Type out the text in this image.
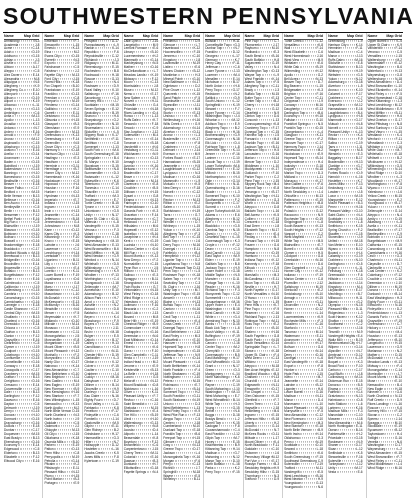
SOUTHWESTERN PENNSYLVANIA
Name	Map Grid
Armstrong	N-3
Academia	J-8
Acme	C-14
Adah	D-19
Addison	G-15
Adrian	J-3
Airville	E-7
Albion	A-17
Aleppo	C-5
Alex Dover	E-14
Alexandria	M-8
Aliquippa	N-5
Allegheny	K-9
Allegheny Co.	E-10
Allenport	E-14
Allison	D-19
Allport	K-19
Altoona	L-11
Amity	G-13
Ambridge	C-6
Anita	M-13
Apollo	L-13
Arcadia	K-13
Ardara	N-7
Arden	E-16
Arnold	F-9
Arona	M-12
Aspinwall	C-15
Atlasburg	G-13
Avalon	E-16
Avella	D-14
Avonmore	J-4
Baden	D-15
Bairdford	J-19
Bakerstown	G-15
Banning	H-10
Barnesboro	D-15
Beallsville	G-16
Beaver	E-18
Beaver Falls	C-17
Bedford	M-15
Belle Vernon	B-13
Bellevue	D-16
Ben Avon	E-14
Bentleyville	C-5
Berlin	B-13
Bessemer	F-12
Bethel Park	E-16
Big Run	C-5
Blairsville	J-19
Blawnox	G-15
Bobtown	H-10
Bolivar	D-15
Boswell	G-16
Brackenridge	E-18
Braddock	C-17
Bradford Woods M-15
Brentwood	B-13
Bridgeville	D-16
Brookville	E-14
Brownsville	C-5
Buffalo	B-13
Burgettstown	F-12
Butler	E-16
Cairnbrook	C-5
California	J-19
Callensburg	G-15
Cambria	H-10
Canonsburg	D-15
Carmichaels	G-16
Carnegie	E-18
Castle Shannon C-17
Central City	M-15
Chalfant	B-13
Charleroi	D-16
Cheswick	E-14
Chicora	C-5
Clairton	B-13
Clarion	F-12
Claysville	E-16
Clearfield	C-5
Clymer	J-19
Coalport	G-15
Cokeburg	H-10
Confluence	D-15
Connellsville	G-16
Conway	E-18
Coraopolis	C-17
Cranberry	M-15
Crafton	B-13
Creighton	D-16
Cresson	E-14
Curwensville	C-5
Dale	B-13
Darlington	F-12
Dawson	E-16
Dayton	C-5
Delmont	J-19
Derry	G-15
Donora	H-10
Dormont	D-15
Dravosburg	G-16
DuBois	E-18
Dunbar	C-17
Duquesne	M-15
East Brady	B-13
Ebensburg	D-16
Economy	E-14
Edgewood	C-5
Elderton	B-13
Elizabeth	F-12
Ellwood City	E-16
Name	Map Grid
Emlenton	F-7
Emsworth	L-15
Ernest	K-13
Etna	M-2
Evans City	D-15
Everett	N-3
Export	J-9
Fairchance	C-5
Fairview	J-2
Fayette City	M-13
Ford City	J-15
Forest Hills	K-18
Fox Chapel	B-10
Frankstown	E-19
Franklin	D-13
Freedom	C-8
Freeport	M-19
Friedens	G-14
Gallitzin	K-2
Garrett	E-11
Geistown	N-12
Gibsonia	H-15
Glassport	B-3
Glenshaw	E-9
Grapeville	M-13
Greensboro	K-13
Greensburg	F-14
Greenville	N-5
Grove City	C-3
Harmony	D-18
Harrison City	J-12
Hastings	E-3
Hawthorn	L-6
Herminie	G-11
Hermitage	B-7
Homer City	M-12
Homestead	K-16
Hookstown	C-9
Hopwood	H-4
Houston	F-16
Hunker	D-2
Hyndman	N-13
Imperial	E-7
Indiana	J-15
Ingram	L-5
Irwin	H-13
Jeannette	C-14
Jefferson	B-18
Jennerstown	G-4
Johnstown	M-8
Kane	D-12
Karns City	K-3
Kittanning	F-10
Knox	E-15
Latrobe	J-6
Lawrence	C-2
Leechburg	H-14
Leetsdale	N-9
Ligonier	B-11
Lilly	M-17
Lincoln	E-4
Loretto	K-11
Lower Burrell	F-19
Loyalhanna	D-6
Manor	G-8
Mars	J-17
Marianna	C-12
Masontown	L-10
McDonald	H-3
McKeesport	E-13
McMurray	B-16
Meadville	N-6
Mercer	F-5
Meyersdale	K-7
Midland	D-10
Millvale	M-14
Monaca	G-18
Monessen	C-11
Monongahela	J-5
Monroeville	E-8
Morgantown	L-19
Mount Oliver	B-5
Mount Pleasant H-12
Munhall	F-2
Murrysville	N-15
Nanty Glo	D-17
Natrona	K-14
New Alexandria C-7
New Bethlehem G-10
New Brighton	J-11
New Castle	M-4
New Eagle	E-19
New Florence	B-9
New Kensington H-16
New Stanton	F-7
New Wilmington L-15
Nemacolin	K-13
North Apollo	M-2
North Belle Vernon D-15
North Charleroi	N-3
North Irwin	J-9
Oakdale	C-5
Oakmont	J-2
Ohiopyle	M-13
Oil City	J-15
Oklahoma	K-18
Osceola Mills	B-10
Parker	E-19
Patton	D-13
Penn Hills	C-8
Perryopolis	M-19
Petrolia	G-14
Pitcairn	K-2
Pittsburgh	E-11
Pleasant Hills	N-12
Plum	H-15
Point Marion	B-3
Portage	E-9
Name	Map Grid
Prospect	D-17
Punxsutawney	L-9
Rankin	K-14
Republic	F-6
Reynoldsville	C-12
Richland	J-3
Ridgway	M-11
Rimersburg	E-15
Rochester	B-8
Rockwood	H-18
Roscoe	G-13
Ross	N-4
Rostraver	D-9
Rural Valley	K-10
Saltsburg	F-16
Saxonburg	C-3
Scenery Hill	J-7
Scottdale	M-15
Seven Springs E-12
Sewickley	B-19
Sharon	H-6
Sharpsburg	G-2
Shippenville	N-10
Shoemaker	D-14
Slickville	L-5
Slippery Rock	K-17
Smithfield	F-11
Smithton	C-8
Somerset	J-13
South Fork	M-6
South Greensburg E-18
Springdale	B-4
St. Marys	H-10
Stoystown	G-15
Strattanville	N-8
Summerville	D-3
Swissvale	L-12
Sykesville	K-6
Tarentum	F-19
Tionesta	C-14
Titusville	J-10
Trafford	M-3
Troutman	E-7
Turtle Creek	B-15
Tyrone	H-12
Uniontown	G-5
Unity	N-17
Upper St. Clair D-11
Valencia	L-8
Vandergrift	K-15
Verona	F-3
Volant	C-18
Washington	J-6
Waynesburg	M-10
West Alexander E-13
West Brownsville B-6
West Mifflin	H-16
West Newton	G-9
Wexford	N-14
Whitehall	D-5
Wilkinsburg	L-17
Wilmerding	K-9
Windber	F-13
Worthington	C-4
Youngwood	J-18
Zelienople	M-7
Acmetonia	E-10
Adamsburg	B-12
Allison Park	H-7
Arnot	G-17
Ashville	N-2
Atwood	D-8
Baldwin	L-14
Beyer	K-4
Blossburg	F-9
Boyers	C-16
Brady	J-11
Bruin	M-18
Bulger	E-5
Cabot	B-17
Callery	H-13
Carrolltown	G-6
Cecil	N-11
Chester Hill	D-19
Clarksville	L-3
Clinton	K-12
Colver	F-15
Coulter	C-10
Crabtree	J-4
Cuddy	M-16
Daisytown	E-2
Dilliner	B-14
Dixonville	H-9
Dunlevy	G-12
Eau Claire	N-16
Eighty Four	D-7
Enon Valley	L-11
Fairbank	K-8
Fenelton	F-17
Finleyville	C-6
Fombell	J-14
Gastonville	M-5
Gilpin	E-11
Glen Richey	B-2
Grindstone	H-17
Harmarville	G-3
Hiller	N-7
Hollsopple	D-12
Hostetter	L-16
Jacobs Creek	K-5
Jones Mills	F-8
Kylertown	C-19
Name	Map Grid
Lake Lynn	J-16
Langeloth	M-9
Lemont Furnace E-6
Library	B-10
Lucernemines	H-2
Mammoth	G-14
Markleysburg	N-5
Mather	D-16
McClellandtown L-7
Meadow Lands K-19
Midway	F-12
Moon	C-13
Morrisdale	J-8
Muse	M-12
Nemo	E-17
New Salem	B-7
Norvelt	H-11
Ohioville	G-4
Pricedale	N-18
Rices Landing	D-4
Ronco	L-13
Ruffs Dale	K-7
Seward	F-18
Smock	C-9
Star Junction	J-12
Sutersville	M-4
Tarrs	E-14
Torrance	B-18
Vanderbilt	H-6
Vestaburg	G-11
Wickhaven	N-9
Yukon	D-13
Armagh	L-2
Avonia	K-16
Belsano	F-4
Bradenville	C-17
Brave	J-9
Cardale	M-14
Clarence	E-8
Crucible	B-5
Dilltown	H-15
Dysart	G-8
Elrama	N-13
Fairhope	D-10
Fredericktown	L-18
Garards Fort	K-3
Graceton	F-14
Hannastown	C-7
Heilwood	J-17
Hillsdale	M-6
Hopewell	E-12
Isabella	B-16
Josephine	H-4
Kent	G-19
Lucinda	N-10
Marion Center	D-6
Mill Run	L-9
Mount Morris	K-13
New Derry	F-2
Normalville	C-15
Penn Run	J-5
Rillton	M-17
Salina	E-3
Spraggs	B-11
Strongstown	H-14
Twin Rocks	G-7
Vintondale	N-15
West Finley	D-18
Wind Ridge	L-4
Yatesboro	K-10
Aultman	F-16
Beccaria	C-2
Black Lick	J-13
Bovard	M-8
Brier Hill	E-19
Chestnut Ridge B-9
Commodore	H-8
Crabapple	G-16
Deemston	N-6
East Millsboro D-14
Ernest	L-10
Filbert	K-6
Gans	F-10
Glen Campbell C-11
Hecla	J-19
Indian Head	M-2
Jerome	E-9
Keisterville	B-13
La Belle	H-18
Luxor	G-5
Melcroft	N-12
Mount Braddock D-8
Nicktown	L-16
Oliver	K-11
Pleasant Unity	F-7
Revloc	C-16
Saint Benedict	J-2
Shelocta	M-15
Stahlstown	E-4
Tire Hill	B-19
Uledi	H-10
Waltersburg	G-13
Wilpen	N-8
Acosta	D-4
Allport	L-14
Beaverdale	K-8
Boynton	F-12
Brownfield	C-6
Carpentertown J-15
Cherry Tree	M-11
Colonial	E-16
Dawson	B-3
Dunkard	H-7
Elliottsville	G-18
Fayette Springs N-4
Name	Map Grid
Friedens	D-9
Glencoe	L-7
Hazelwood	K-12
Hooversville	F-15
Jenners	C-10
Kingston	J-8
Lavansville	M-19
Listie	E-6
Manns Choice	B-12
Markleton	H-3
Mineral Point	G-10
New Baltimore	N-17
Ogletown	D-2
Pine Grove	L-12
Quecreek	K-15
Sand Patch	F-5
Shanksville	C-18
Sipesville	J-11
Springs	M-5
Sturtz	E-13
Ursina	B-7
Wellersburg	H-16
Wills Creek	G-9
Adamsburg	N-14
Alverton	D-11
Arona	L-3
Bradenville	K-17
Calumet	F-8
Crabtree	C-4
Delmont	J-14
Everson	M-9
Forbes Road	E-17
Hannastown	B-15
Jeannette	H-5
Laughlintown	G-12
Lycippus	N-3
Madison	D-16
Mammoth	L-9
Mutual	K-5
New Derry	F-18
Norvelt	C-12
Penn	J-3
Rector	M-13
Rillton	E-2
Salem	B-10
Stahlstown	H-19
Tarrs	G-7
Trauger	N-11
Wendel	D-7
Whitney	L-15
Yukon	K-10
Allegheny Twp	F-3
Bell Twp	C-15
Cook Twp	J-6
Derry Twp	M-16
Donegal	E-11
Fairfield	B-4
Hempfield	H-12
Ligonier Twp	G-2
Loyalhanna Twp	N-8
Mount Pleasant Twp D-13
Penn Twp	L-5
Rostraver Twp	K-18
Salem Twp	F-9
Sewickley Twp	C-3
St. Clair	J-16
Unity Twp	M-7
Washington Twp E-15
Amwell	B-8
Blaine	H-13
Buffalo Twp	G-6
Canton	N-16
Carroll	D-5
Cecil Twp	L-11
Chartiers	K-4
Cross Creek	F-17
Donegal Twp	C-8
East Bethlehem	J-12
East Finley	M-3
Fallowfield	E-10
Hanover	B-19
Hopewell Twp	H-8
Independence	G-15
Jefferson Twp	N-9
Morris	D-14
Mount Pleasant	L-6
North Bethlehem K-14
North Franklin	F-4
North Strabane	C-19
Nottingham	J-10
Peters	M-15
Robinson	E-7
Smith	B-14
Somerset Twp	H-2
South Franklin	G-11
South Strabane N-19
Union	D-3
West Bethlehem L-13
West Finley Twp	K-9
West Pike Run	F-13
Aleppo Twp	C-5
Center	J-18
Cumberland	M-10
Dunkard Twp	E-18
Franklin Twp	B-6
Freeport Twp	H-15
Gilmore	G-8
Gray	N-13
Greene Twp	D-17
Jackson	L-4
Monongahela Twp K-16
Morgan	F-6
Perry	C-13
Richhill	J-7
Springhill	M-18
Wayne	E-5
Whiteley	B-11
Name	Map Grid
Bullskin	H-11
Connellsville Twp G-3
Dunbar Twp	N-7
Franklin	D-12
Georges	L-17
German	K-7
Henry Clay	F-11
Jefferson	C-6
Lower Tyrone	J-13
Luzerne	M-4
Menallen	E-14
Nicholson	B-17
North Union	H-6
Perry Twp	G-17
Redstone	N-2
Saltlick	D-9
South Union	L-12
Springfield	K-19
Stewart	F-7
Upper Tyrone	C-14
Washington Twp J-4
Wharton	M-12
Addison Twp	E-9
Allegheny Twp	B-2
Black	H-16
Brothersvalley	G-9
Conemaugh	N-18
Elk Lick	D-4
Fairhope Twp	L-8
Greenville Twp K-13
Jenner	F-16
Larimer	C-10
Lincoln Twp	J-19
Lower Turkeyfoot M-6
Middlecreek	E-12
Milford	B-15
Northampton	H-4
Ogle	G-14
Paint	N-11
Quemahoning D-16
Shade	L-3
Somerset Twp K-10
Southampton	F-2
Stonycreek	C-17
Summit	J-9
Upper Turkeyfoot M-14
Adams	E-6
Allegheny	B-12
Barr	H-13
Blacklick	G-5
Cambria Twp	N-15
Chest	D-7
Clearfield Twp L-15
Conemaugh Twp K-3
Croyle	F-12
Dean	C-3
East Carroll	J-14
East Taylor	M-9
Elder	E-19
Gallitzin Twp	B-8
Jackson Twp	H-9
Lower Yoder	G-18
Middle Taylor	N-5
Munster	D-11
Portage Twp	L-10
Reade	K-16
Richland Twp	F-3
Stonycreek Twp C-12
Summerhill	J-6
Susquehanna M-16
Upper Yoder	E-4
Washington	B-18
West Carroll	H-12
White	G-4
Armstrong Twp N-10
Banks	D-15
Black Lick Twp	L-6
Brush Valley	K-11
Buffington	F-19
Burrell	C-8
Canoe	J-16
Center Twp	M-2
Cherryhill	E-10
Conemaugh	B-5
East Mahoning H-17
East Wheatfield G-10
Grant	N-17
Green	D-3
Montgomery	L-14
North Mahoning K-6
Pine	F-14
Rayne	C-19
South Mahoning J-10
Washington	M-13
West Mahoning E-7
West Wheatfield B-14
White Twp	H-3
Young	G-15
Bethel	N-6
Boggs	D-18
Bradys Bend	L-2
Burrell Twp	K-15
Cadogan	F-8
Cowanshannock C-4
East Franklin	J-12
Gilpin Twp	M-7
Hovey	E-15
Kiskiminetas	B-9
Kittanning Twp H-14
Madison	G-7
Mahoning	N-12
Manor Twp	D-10
North Buffalo	L-18
Parks	K-2
Perry Twp	F-15
Name	Map Grid
Pine Twp	C-7
Plumcreek	J-17
Rayburn	M-10
Redbank	E-3
South Bend	B-16
South Buffalo	H-8
Sugarcreek	G-19
Valley	N-4
Washington Twp D-13
Wayne Twp	L-9
West Franklin	K-14
Adams Twp	F-5
Allegheny Twp C-11
Brady	J-3
Buffalo Twp	M-15
Butler Twp	E-13
Center Twp	B-2
Cherry	H-18
Clay	G-12
Clearfield	N-9
Clinton Twp	D-6
Concord	L-13
Connoquenessing K-8
Cranberry Twp F-17
Donegal Twp	C-15
Fairview Twp	J-5
Forward	M-8
Franklin Twp	E-16
Jackson Twp	B-11
Jefferson Twp	H-5
Lancaster	G-16
Marion	N-14
Mercer Twp	D-2
Middlesex	L-10
Muddycreek	K-17
Oakland	F-10
Parker Twp	C-2
Penn Twp	J-15
Slippery Rock Twp M-4
Summit Twp	E-8
Venango	B-17
Washington Twp H-11
Winfield	G-3
Worth	N-16
Aleppo	D-8
Baldwin Twp	L-16
Bell Acres	K-5
Collier	F-13
Crescent	C-18
East Deer	J-8
Elizabeth Twp M-17
Fawn	E-4
Findlay	B-7
Forward Twp	H-15
Frazer	G-6
Hampton	N-8
Harmar	D-19
Harrison	L-5
Indiana Twp	K-12
Kennedy	F-18
Kilbuck	C-9
Leet	J-11
Marshall	M-3
McCandless	E-11
Moon Twp	B-13
Neville	H-7
North Fayette	G-17
North Versailles N-10
O'Hara	D-5
Ohio Twp	L-19
Penn Hills	K-7
Pine Twp	F-9
Reserve	C-16
Richland Twp	J-13
Robinson Twp M-11
Ross Twp	E-2
Scott	B-10
Shaler	H-16
South Fayette	G-8
South Park	N-15
South Versailles D-14
Springdale Twp L-7
Stowe	K-18
Upper St. Clair	F-4
West Deer	C-13
Wilkins	J-2
Aleppo	M-18
Ben Avon Heights E-12
Bradford Woods B-5
Chalfant	H-13
Churchill	G-4
Edgeworth	N-11
Emsworth	D-17
Fox Chapel	L-2
Glen Osborne K-15
Glenfield	F-7
Green Tree	C-3
Haysville	J-18
Heidelberg	M-6
Ingram	E-15
Jefferson Hills B-18
Liberty	H-2
Lincoln	G-14
McDonald	N-7
McKees Rocks D-11
Millvale	L-17
Mount Oliver	K-4
North Braddock F-11
Oakdale	C-10
Osborne	J-6
Pennsbury Village M-12
Port Vue	E-17
Rosslyn Farms	B-3
Sewickley Heights H-9
Sewickley Hills G-15
Thornburg	N-3
Trafford	D-9
Name	Map Grid
Turtle Creek	L-12
Versailles	K-8
Wall	F-14
West Elizabeth	C-6
West Homestead	J-16
West View	M-9
Whitaker	E-6
White Oak	B-19
Wilmerding	H-12
Apollo	G-2
Bell Acres	N-13
Beaver Twp	D-7
Big Beaver	L-15
Bridgewater	K-3
Brighton	F-16
Center Twp	C-11
Chippewa	J-9
Conway	M-16
Daugherty	E-13
Darlington Twp	B-6
Economy	H-18
Fallston	G-10
Frankfort Springs	N-5
Franklin Twp	D-15
Georgetown	L-4
Glasgow	K-11
Greene Twp	F-2
Hanover Twp	C-17
Harmony Twp	J-14
Homewood	M-2
Hookstown	E-9
Hopewell Twp	B-14
Independence	H-4
Industry	G-18
Koppel	N-18
Marion Twp	D-3
Midland	L-11
Monaca	K-17
New Galilee	F-6
New Sewickley	C-14
North Sewickley	J-4
Ohioville	M-13
Patterson	E-19
Patterson Heights	B-8
Potter	H-10
Pulaski	G-12
Raccoon	N-9
Rochester Twp	D-19
Shippingport	L-8
South Beaver	K-13
South Heights	F-12
Vanport	C-2
West Mayfield	J-17
White Twp	M-5
Blairsville	E-7
Burrell	B-15
Clymer	H-5
Cookport	G-8
Creekside	N-16
Ernest	D-6
Glen Campbell	L-3
Homer City	K-12
Indiana	F-19
Marion Center	C-8
Plumville	J-12
Saltsburg	M-19
Shelocta	E-2
Smicksburg	B-10
Armagh	H-15
Brave	G-11
Dixonville	N-2
Home	D-12
Kent	L-14
Lucernemines	K-9
Rochester Mills	F-3
Rossiter	C-16
Starford	J-7
Tanoma	M-14
Waterman	E-11
Avonmore	B-2
Arnold	H-17
Bolivar	G-6
Delmont	N-14
Derry	D-16
Donegal	L-6
East Vandergrift	K-18
Export	F-8
Hunker	C-5
Hyde Park	J-15
Irwin	M-7
Jeannette	E-14
Latrobe	B-12
Ligonier	H-6
Lower Burrell	G-16
Madison	N-11
Manor	D-4
Monessen	L-10
Mount Pleasant	K-16
Murrysville	F-5
New Alexandria	C-12
New Florence	J-10
New Kensington	M-3
New Stanton	E-18
North Belle Vernon B-9
North Irwin	H-14
Oklahoma	G-3
Penn	N-19
Scottdale	D-10
Seward	L-18
Smithton	K-6
South Greensburg F-15
Southwest Greensburg C-9
Sutersville	J-19
Trafford	M-11
Vandergrift	E-5
West Leechburg	B-16
West Newton	H-9
Youngstown	G-13
Youngwood	N-6
Name	Map Grid
Greensburg	L-9
Harrison City	K-14
Herminie	F-11
Madison	C-4
Manor	J-13
Ruffs Dale	M-16
Slickville	E-8
Stahlstown	B-13
Whitney	H-19
Webster	G-5
Yukon	N-12
Adamsburg	D-18
Alverton	L-5
Arona	K-10
Calumet	F-17
Crabtree	C-7
Everson	J-2
Grapeville	M-12
Hannastown	E-16
Laughlintown	B-4
Lycippus	H-8
Mammoth	G-17
Mutual	N-8
Norvelt	D-14
Pleasant Unity L-13
Rector	K-4
Rillton	F-9
Salina	C-19
Tarrs	J-11
Trauger	M-8
Wendel	E-3
Baggaley	B-17
Bradenville	H-13
Claridge	G-7
Darragh	N-17
Forbes Road	D-9
Harrold	L-16
Hostetter	K-7
Jones Mills	F-13
Kecksburg	C-11
Lowber	J-5
Luxor	M-15
Marguerite	E-12
Mount Pleasant B-3
Penn	H-16
Pleasant Valley G-10
Saint Clair	N-4
Scottdale	D-16
Sewickley	L-8
Smithton	K-15
Spring Church	F-2
Stauffer	C-15
Stoneville	J-9
United	M-18
Van Meter	E-10
Wyano	B-12
Bovard	H-4
Calamity	G-19
Crabtree	N-10
Darlington	D-5
Export	L-11
Fellsburg	K-18
Greenwald	F-6
Hillside	C-13
Jacktown	J-14
Kingston	M-4
Lloydsville	E-17
Mechling	B-7
Millwood	H-11
Naomi	G-2
Olympia	N-15
Pleasant Hills	D-11
Ridgeview	L-3
Scott Haven	K-12
Shafton	F-18
Southwest	C-2
Sunrise	J-16
Tinsmill	M-9
Vandergrift Heights E-4
Waltz Mill	B-19
Westmoreland City H-7
Wilpen	G-14
Alpsville	N-7
Armbrust	D-12
Bell Point	L-19
Boquet	K-3
Broad Ford	F-10
Carbon	C-17
Coal Bluff	J-8
Collinsburg	M-14
Dickerson Run E-15
Donora	B-5
Elrama	H-17
Fairfield	G-4
Gratztown	N-13
Hahntown	D-8
Irwin Station	L-6
Larimer	K-16
Madison Mills	F-3
Manordale	C-10
Moween	J-18
New Alexandria M-6
North Huntingdon E-11
Ocean	B-14
Paintersville	H-2
Pricedale	G-15
Rostraver	N-9
Shaner	D-17
Sloan	L-12
Smithdale	K-5
Stewartsville	F-16
Suterville	C-6
Turkeytown	J-12
Unity	M-17
Vesta	E-6
Name	Map Grid
Upper Burrell	L-5
Upper St Clair	K-9
Vanderbilt	F-14
Verona	C-5
Versailles	J-15
Waltersburg	M-2
Warrendale	E-12
Washington	B-6
Waterford	H-13
Waynesburg	G-8
Wellersburg	N-18
West Alexander D-4
West Brownsville L-10
West Elizabeth K-14
West Finley	F-5
West Homestead C-18
West Kittanning J-3
West Leechburg M-12
West Middletown E-9
West Mifflin	B-11
West Newton	H-6
West Overton G-17
West Pittsburg	N-8
West Sunbury D-13
West View	L-15
Westland	K-4
Wexford	F-11
Wheatland	C-3
Whitaker	J-16
White Oak	M-7
Whitehall	E-18
Whitsett	B-2
Wickhaven	H-12
Wilkinsburg	G-5
Wilmerding	N-14
Wind Ridge	D-10
Windber	L-3
Woodland	K-17
Worthington	F-8
Wyano	C-13
Yatesboro	J-6
Yellow Creek	M-15
Youngstown	E-2
Youngwood	B-17
Yukon	H-9
Zelienople	G-14
Aleppo	N-4
Amity	D-19
Atlasburg	L-8
Avella	K-11
Beallsville	F-17
Bentleyville	C-9
Bobtown	J-13
Burgettstown	M-9
California	E-15
Canonsburg	B-8
Carmichaels	H-16
Cecil	G-3
Charleroi	N-11
Claysville	D-7
Clarksville	L-17
Coal Center	K-2
Cokeburg	F-12
Crucible	C-16
Deemston	J-10
Dilliner	M-19
Donora	E-5
Dunkard	B-14
East Washington H-3
Eighty Four	G-11
Ellsworth	N-16
Finleyville	D-2
Fredericktown	L-13
Garards Fort	K-7
Graysville	F-19
Greensboro	C-7
Hickory	J-17
Holbrook	M-4
Houston	E-13
Jefferson	B-10
Langeloth	H-15
Lawrence	G-9
Marianna	N-2
Mather	D-15
McDonald	L-6
Meadow Lands K-13
Midway	F-4
Monongahela	C-14
Morrisville	J-7
Mount Morris	M-13
Muse	E-10
Nemacolin	B-4
New Eagle	H-18
Nineveh	G-6
North Charleroi N-13
Ruff Creek	D-9
Rices Landing L-16
Roscoe	K-6
Scenery Hill	F-15
Slovan	C-2
Speers	J-14
Spraggs	M-10
Stockdale	E-19
Sycamore	B-12
Taylorstown	H-4
Twilight	G-16
Venetia	N-6
Washington	D-17
Waynesburg	L-2
West Alexander K-15
West Brownsville F-7
West Finley	C-11
West Middletown J-4
Wind Ridge	M-16
